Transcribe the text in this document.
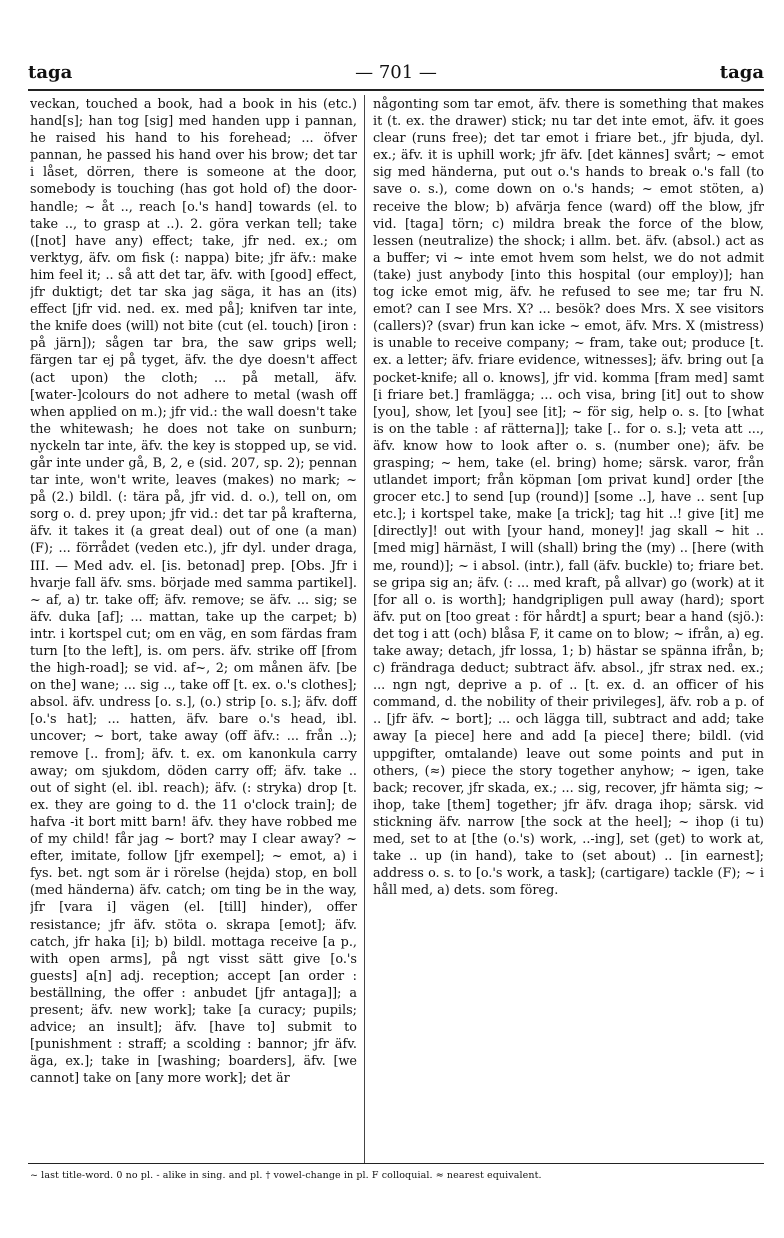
taga	— 701 —	taga

veckan, touched a book, had a book in his (etc.) hand[s]; han tog [sig] med handen upp i pannan, he raised his hand to his forehead; ... öfver pannan, he passed his hand over his brow; det tar i låset, dörren, there is someone at the door, somebody is touching (has got hold of) the door-handle; ~ åt .., reach [o.'s hand] towards (el. to take .., to grasp at ..). 2. göra verkan tell; take ([not] have any) effect; take, jfr ned. ex.; om verktyg, äfv. om fisk (: nappa) bite; jfr äfv.: make him feel it; .. så att det tar, äfv. with [good] effect, jfr duktigt; det tar ska jag säga, it has an (its) effect [jfr vid. ned. ex. med på]; knifven tar inte, the knife does (will) not bite (cut (el. touch) [iron : på järn]); sågen tar bra, the saw grips well; färgen tar ej på tyget, äfv. the dye doesn't affect (act upon) the cloth; ... på metall, äfv. [water-]colours do not adhere to metal (wash off when applied on m.); jfr vid.: the wall doesn't take the whitewash; he does not take on sunburn; nyckeln tar inte, äfv. the key is stopped up, se vid. går inte under gå, B, 2, e (sid. 207, sp. 2); pennan tar inte, won't write, leaves (makes) no mark; ~ på (2.) bildl. (: tära på, jfr vid. d. o.), tell on, om sorg o. d. prey upon; jfr vid.: det tar på krafterna, äfv. it takes it (a great deal) out of one (a man) (F); ... förrådet (veden etc.), jfr dyl. under draga, III. — Med adv. el. [is. betonad] prep. [Obs. Jfr i hvarje fall äfv. sms. började med samma partikel]. ~ af, a) tr. take off; äfv. remove; se äfv. ... sig; se äfv. duka [af]; ... mattan, take up the carpet; b) intr. i kortspel cut; om en väg, en som färdas fram turn [to the left], is. om pers. äfv. strike off [from the high-road]; se vid. af~, 2; om månen äfv. [be on the] wane; ... sig .., take off [t. ex. o.'s clothes]; absol. äfv. undress [o. s.], (o.) strip [o. s.]; äfv. doff [o.'s hat]; ... hatten, äfv. bare o.'s head, ibl. uncover; ~ bort, take away (off äfv.: ... från ..); remove [.. from]; äfv. t. ex. om kanonkula carry away; om sjukdom, döden carry off; äfv. take .. out of sight (el. ibl. reach); äfv. (: stryka) drop [t. ex. they are going to d. the 11 o'clock train]; de hafva -it bort mitt barn! äfv. they have robbed me of my child! får jag ~ bort? may I clear away? ~ efter, imitate, follow [jfr exempel]; ~ emot, a) i fys. bet. ngt som är i rörelse (hejda) stop, en boll (med händerna) äfv. catch; om ting be in the way, jfr [vara i] vägen (el. [till] hinder), offer resistance; jfr äfv. stöta o. skrapa [emot]; äfv. catch, jfr haka [i]; b) bildl. mottaga receive [a p., with open arms], på ngt visst sätt give [o.'s guests] a[n] adj. reception; accept [an order : beställning, the offer : anbudet [jfr antaga]]; a present; äfv. new work]; take [a curacy; pupils; advice; an insult]; äfv. [have to] submit to [punishment : straff; a scolding : bannor; jfr äfv. äga, ex.]; take in [washing; boarders], äfv. [we cannot] take on [any more work]; det är

någonting som tar emot, äfv. there is something that makes it (t. ex. the drawer) stick; nu tar det inte emot, äfv. it goes clear (runs free); det tar emot i friare bet., jfr bjuda, dyl. ex.; äfv. it is uphill work; jfr äfv. [det kännes] svårt; ~ emot sig med händerna, put out o.'s hands to break o.'s fall (to save o. s.), come down on o.'s hands; ~ emot stöten, a) receive the blow; b) afvärja fence (ward) off the blow, jfr vid. [taga] törn; c) mildra break the force of the blow, lessen (neutralize) the shock; i allm. bet. äfv. (absol.) act as a buffer; vi ~ inte emot hvem som helst, we do not admit (take) just anybody [into this hospital (our employ)]; han tog icke emot mig, äfv. he refused to see me; tar fru N. emot? can I see Mrs. X? ... besök? does Mrs. X see visitors (callers)? (svar) frun kan icke ~ emot, äfv. Mrs. X (mistress) is unable to receive company; ~ fram, take out; produce [t. ex. a letter; äfv. friare evidence, witnesses]; äfv. bring out [a pocket-knife; all o. knows], jfr vid. komma [fram med] samt [i friare bet.] framlägga; ... och visa, bring [it] out to show [you], show, let [you] see [it]; ~ för sig, help o. s. [to [what is on the table : af rätterna]]; take [.. for o. s.]; veta att ..., äfv. know how to look after o. s. (number one); äfv. be grasping; ~ hem, take (el. bring) home; särsk. varor, från utlandet import; från köpman [om privat kund] order [the grocer etc.] to send [up (round)] [some ..], have .. sent [up etc.]; i kortspel take, make [a trick]; tag hit ..! give [it] me [directly]! out with [your hand, money]! jag skall ~ hit .. [med mig] härnäst, I will (shall) bring the (my) .. [here (with me, round)]; ~ i absol. (intr.), fall (äfv. buckle) to; friare bet. se gripa sig an; äfv. (: ... med kraft, på allvar) go (work) at it [for all o. is worth]; handgripligen pull away (hard); sport äfv. put on [too great : för hårdt] a spurt; bear a hand (sjö.): det tog i att (och) blåsa F, it came on to blow; ~ ifrån, a) eg. take away; detach, jfr lossa, 1; b) hästar se spänna ifrån, b; c) frändraga deduct; subtract äfv. absol., jfr strax ned. ex.; ... ngn ngt, deprive a p. of .. [t. ex. d. an officer of his command, d. the nobility of their privileges], äfv. rob a p. of .. [jfr äfv. ~ bort]; ... och lägga till, subtract and add; take away [a piece] here and add [a piece] there; bildl. (vid uppgifter, omtalande) leave out some points and put in others, (≈) piece the story together anyhow; ~ igen, take back; recover, jfr skada, ex.; ... sig, recover, jfr hämta sig; ~ ihop, take [them] together; jfr äfv. draga ihop; särsk. vid stickning äfv. narrow [the sock at the heel]; ~ ihop (i tu) med, set to at [the (o.'s) work, ..-ing], set (get) to work at, take .. up (in hand), take to (set about) .. [in earnest]; address o. s. to [o.'s work, a task]; (cartigare) tackle (F); ~ i håll med, a) dets. som föreg.

~ last title-word. 0 no pl. - alike in sing. and pl. † vowel-change in pl. F colloquial. ≈ nearest equivalent.
